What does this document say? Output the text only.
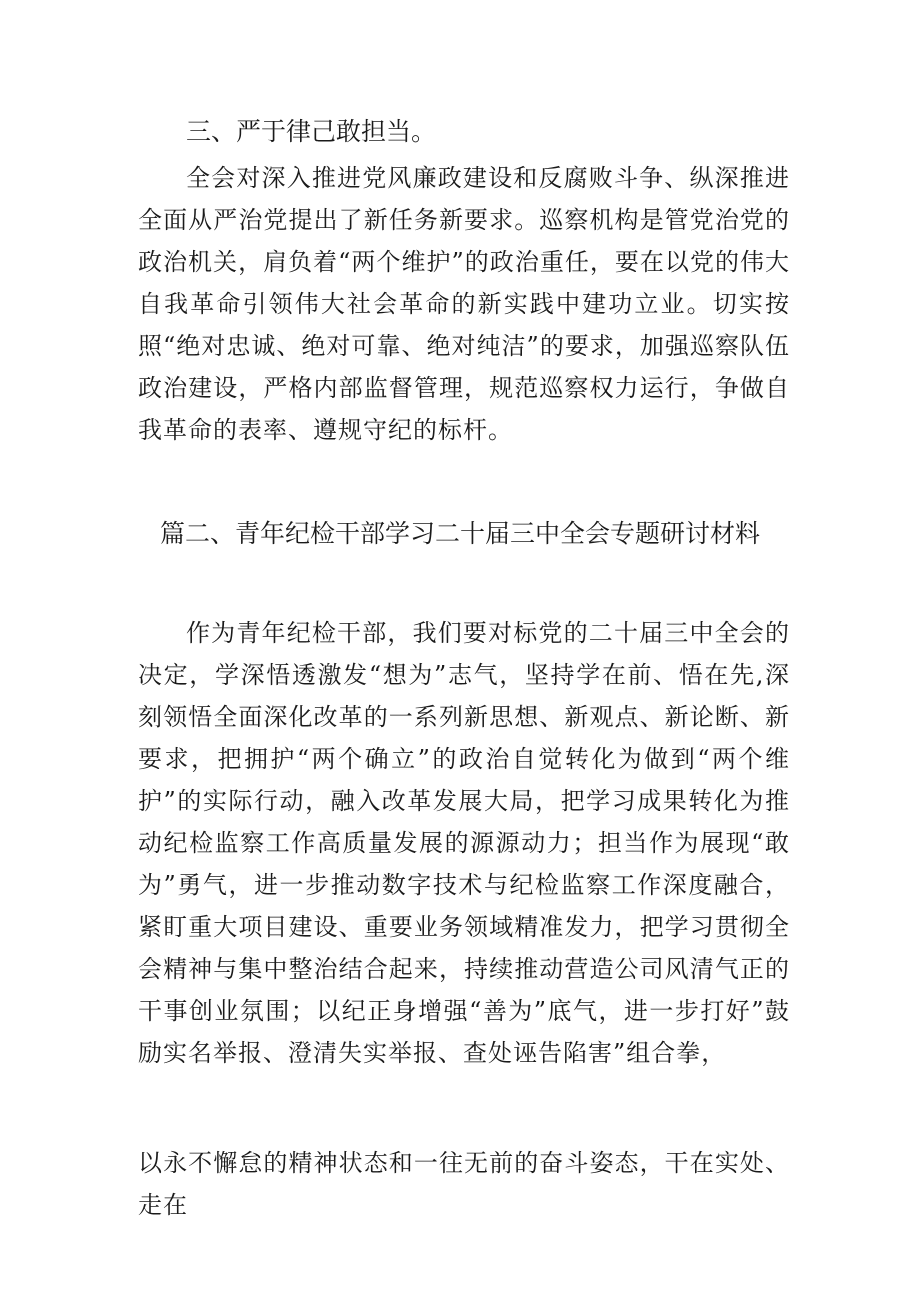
三、严于律己敢担当。
全会对深入推进党风廉政建设和反腐败斗争、纵深推进全面从严治党提出了新任务新要求。巡察机构是管党治党的政治机关，肩负着“两个维护”的政治重任，要在以党的伟大自我革命引领伟大社会革命的新实践中建功立业。切实按照“绝对忠诚、绝对可靠、绝对纯洁”的要求，加强巡察队伍政治建设，严格内部监督管理，规范巡察权力运行，争做自我革命的表率、遵规守纪的标杆。
篇二、青年纪检干部学习二十届三中全会专题研讨材料
作为青年纪检干部，我们要对标党的二十届三中全会的决定，学深悟透激发“想为”志气，坚持学在前、悟在先,深刻领悟全面深化改革的一系列新思想、新观点、新论断、新要求，把拥护“两个确立”的政治自觉转化为做到“两个维护”的实际行动，融入改革发展大局，把学习成果转化为推动纪检监察工作高质量发展的源源动力；担当作为展现“敢为”勇气，进一步推动数字技术与纪检监察工作深度融合，紧盯重大项目建设、重要业务领域精准发力，把学习贯彻全会精神与集中整治结合起来，持续推动营造公司风清气正的干事创业氛围；以纪正身增强“善为”底气，进一步打好”鼓励实名举报、澄清失实举报、查处诬告陷害”组合拳，
以永不懈怠的精神状态和一往无前的奋斗姿态，干在实处、走在
